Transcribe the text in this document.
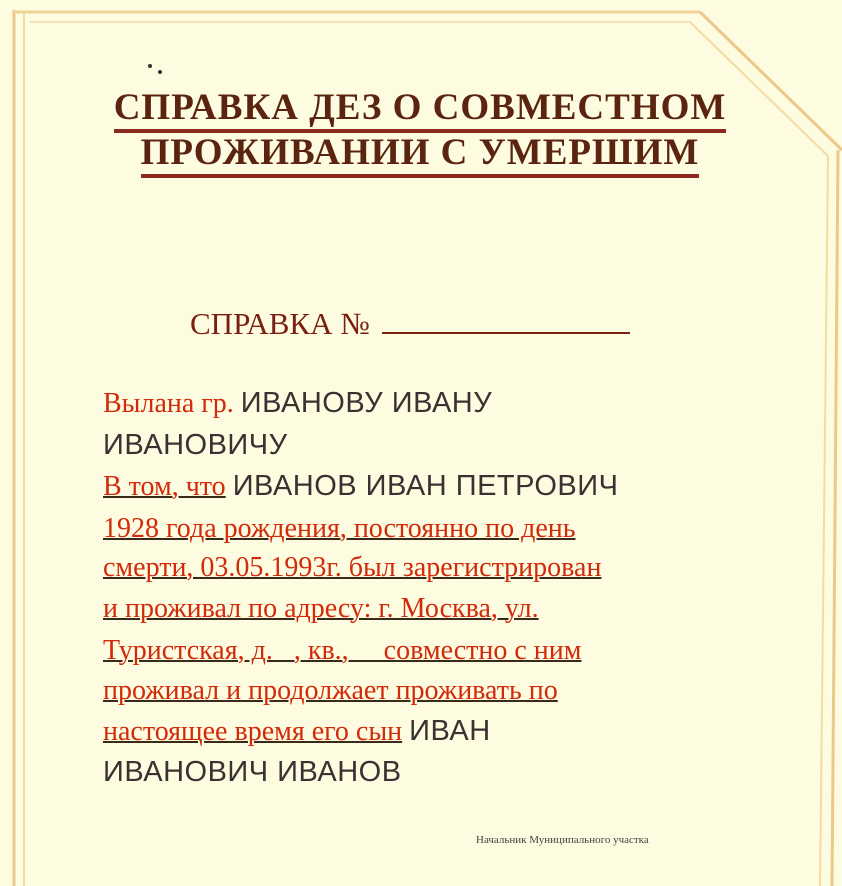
СПРАВКА ДЕЗ О СОВМЕСТНОМ
ПРОЖИВАНИИ С УМЕРШИМ
СПРАВКА №
Вылана гр. ИВАНОВУ ИВАНУ
ИВАНОВИЧУ
В том, что ИВАНОВ ИВАН ПЕТРОВИЧ
1928 года рождения, постоянно по день
смерти, 03.05.1993г. был зарегистрирован
и проживал по адресу: г. Москва, ул.
Туристская, д.   , кв.,     совместно с ним
проживал и продолжает проживать по
настоящее время его сын ИВАН
ИВАНОВИЧ ИВАНОВ
Начальник Муниципального участка
